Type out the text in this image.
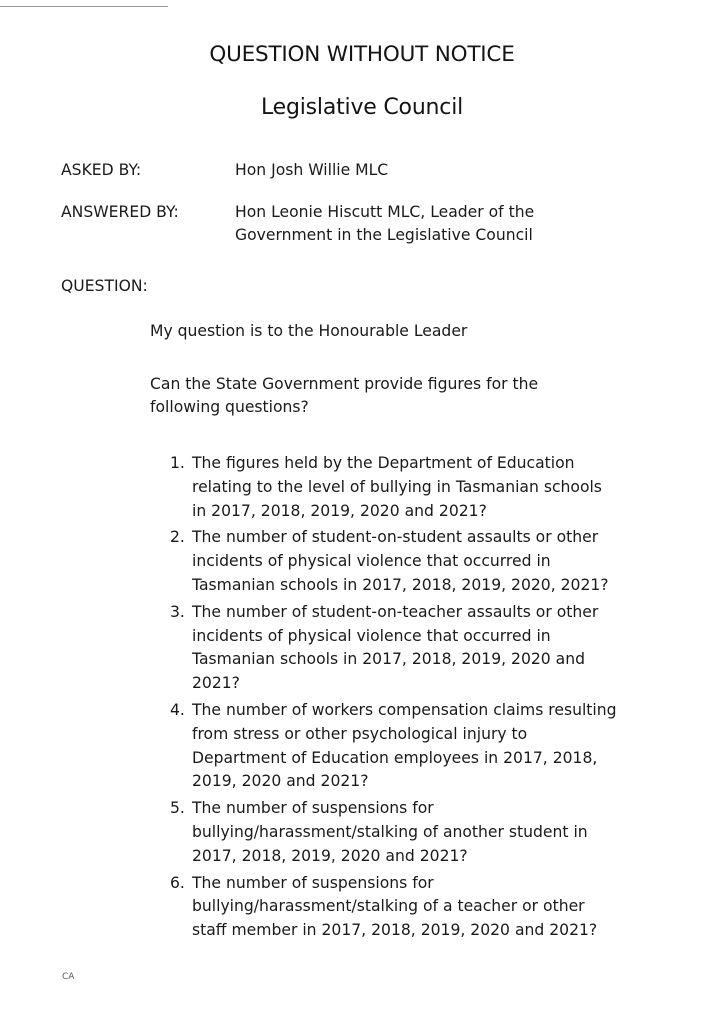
QUESTION WITHOUT NOTICE
Legislative Council
ASKED BY:	Hon Josh Willie MLC
ANSWERED BY:	Hon Leonie Hiscutt MLC, Leader of the Government in the Legislative Council
QUESTION:
My question is to the Honourable Leader
Can the State Government provide figures for the following questions?
1. The figures held by the Department of Education relating to the level of bullying in Tasmanian schools in 2017, 2018, 2019, 2020 and 2021?
2. The number of student-on-student assaults or other incidents of physical violence that occurred in Tasmanian schools in 2017, 2018, 2019, 2020, 2021?
3. The number of student-on-teacher assaults or other incidents of physical violence that occurred in Tasmanian schools in 2017, 2018, 2019, 2020 and 2021?
4. The number of workers compensation claims resulting from stress or other psychological injury to Department of Education employees in 2017, 2018, 2019, 2020 and 2021?
5. The number of suspensions for bullying/harassment/stalking of another student in 2017, 2018, 2019, 2020 and 2021?
6. The number of suspensions for bullying/harassment/stalking of a teacher or other staff member in 2017, 2018, 2019, 2020 and 2021?
CA
